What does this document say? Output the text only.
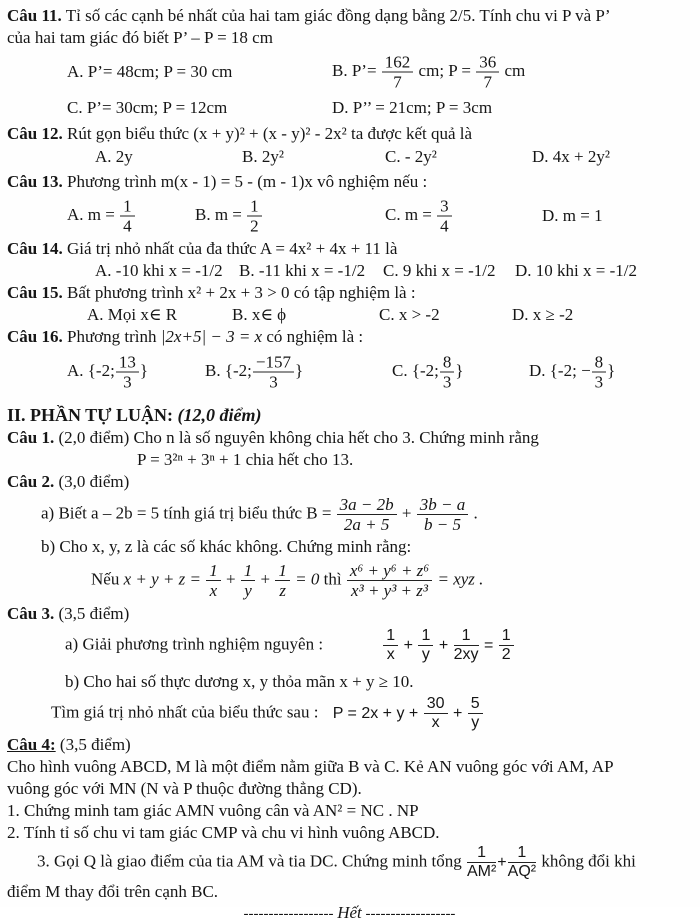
Câu 11. Tỉ số các cạnh bé nhất của hai tam giác đồng dạng bằng 2/5. Tính chu vi P và P’
của hai tam giác đó biết P’ – P = 18 cm

A. P’= 48cm; P = 30 cm	B. P’= $\frac{162}{7}$ cm; $P = \frac{36}{7}$ cm
C. P’= 30cm; P = 12cm	D. P’’ = 21cm; P = 3cm

Câu 12. Rút gọn biểu thức (x + y)² + (x - y)² - 2x² ta được kết quả là

A. 2y	B. 2y²	C. - 2y²	D. 4x + 2y²

Câu 13. Phương trình m(x - 1) = 5 - (m - 1)x vô nghiệm nếu :

A. $m = \frac{1}{4}$	B. $m = \frac{1}{2}$	C. $m = \frac{3}{4}$	D. m = 1

Câu 14. Giá trị nhỏ nhất của đa thức A = 4x² + 4x + 11 là

A. -10 khi x = -1/2 B. -11 khi x = -1/2 C. 9 khi x = -1/2 D. 10 khi x = -1/2

Câu 15. Bất phương trình x² + 2x + 3 > 0 có tập nghiệm là :

A. Mọi x∈ R	B. x∈ ϕ	C. x > -2	D. x ≥ -2

Câu 16. Phương trình |2x+5| − 3 = x có nghiệm là :

A. {-2; $\frac{13}{3}$ }	B. {-2; $\frac{-157}{3}$ }	C. {-2; $\frac{8}{3}$ }	D. {-2; − $\frac{8}{3}$ }

II. PHẦN TỰ LUẬN: (12,0 điểm)

Câu 1. (2,0 điểm) Cho n là số nguyên không chia hết cho 3. Chứng minh rằng

P = 3²ⁿ + 3ⁿ + 1 chia hết cho 13.

Câu 2. (3,0 điểm)

a) Biết a – 2b = 5 tính giá trị biểu thức $B = \frac{3a - 2b}{2a + 5} + \frac{3b - a}{b - 5}$ .

b) Cho x, y, z là các số khác không. Chứng minh rằng:

Nếu $x + y + z = \frac{1}{x} + \frac{1}{y} + \frac{1}{z} = 0$ thì $\frac{\text{x⁶ + y⁶ + z⁶}}{\text{x³ + y³ + z³}}$ = xyz .

Câu 3. (3,5 điểm)

a) Giải phương trình nghiệm nguyên :	$\frac{1}{x} + \frac{1}{y} + \frac{1}{2xy} = \frac{1}{2}$

b) Cho hai số thực dương x, y thỏa mãn x + y ≥ 10.

Tìm giá trị nhỏ nhất của biểu thức sau : $P = 2x + y + \frac{30}{x} + \frac{5}{y}$

Câu 4: (3,5 điểm)

Cho hình vuông ABCD, M là một điểm nằm giữa B và C. Kẻ AN vuông góc với AM, AP

vuông góc với MN (N và P thuộc đường thẳng CD).

1. Chứng minh tam giác AMN vuông cân và AN² = NC . NP

2. Tính tỉ số chu vi tam giác CMP và chu vi hình vuông ABCD.

3. Gọi Q là giao điểm của tia AM và tia DC. Chứng minh tổng $\frac{1}{\text{AM²}} + \frac{1}{\text{AQ²}}$ không đổi khi

điểm M thay đổi trên cạnh BC.

------------------ Hết ------------------
